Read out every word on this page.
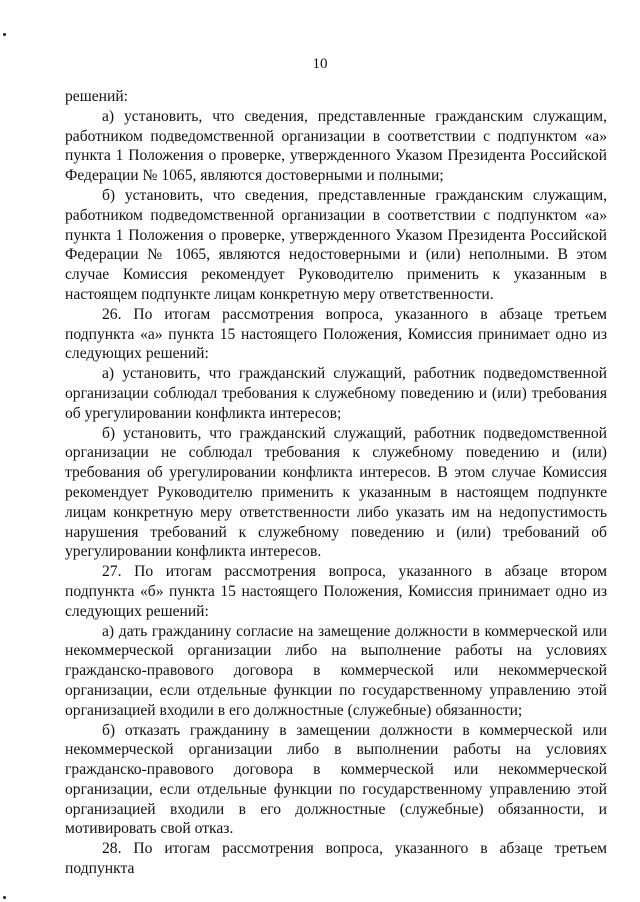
10

решений:

а) установить, что сведения, представленные гражданским служащим, работником подведомственной организации в соответствии с подпунктом «а» пункта 1 Положения о проверке, утвержденного Указом Президента Российской Федерации № 1065, являются достоверными и полными;

б) установить, что сведения, представленные гражданским служащим, работником подведомственной организации в соответствии с подпунктом «а» пункта 1 Положения о проверке, утвержденного Указом Президента Российской Федерации № 1065, являются недостоверными и (или) неполными. В этом случае Комиссия рекомендует Руководителю применить к указанным в настоящем подпункте лицам конкретную меру ответственности.

26. По итогам рассмотрения вопроса, указанного в абзаце третьем подпункта «а» пункта 15 настоящего Положения, Комиссия принимает одно из следующих решений:

а) установить, что гражданский служащий, работник подведомственной организации соблюдал требования к служебному поведению и (или) требования об урегулировании конфликта интересов;

б) установить, что гражданский служащий, работник подведомственной организации не соблюдал требования к служебному поведению и (или) требования об урегулировании конфликта интересов. В этом случае Комиссия рекомендует Руководителю применить к указанным в настоящем подпункте лицам конкретную меру ответственности либо указать им на недопустимость нарушения требований к служебному поведению и (или) требований об урегулировании конфликта интересов.

27. По итогам рассмотрения вопроса, указанного в абзаце втором подпункта «б» пункта 15 настоящего Положения, Комиссия принимает одно из следующих решений:

а) дать гражданину согласие на замещение должности в коммерческой или некоммерческой организации либо на выполнение работы на условиях гражданско-правового договора в коммерческой или некоммерческой организации, если отдельные функции по государственному управлению этой организацией входили в его должностные (служебные) обязанности;

б) отказать гражданину в замещении должности в коммерческой или некоммерческой организации либо в выполнении работы на условиях гражданско-правового договора в коммерческой или некоммерческой организации, если отдельные функции по государственному управлению этой организацией входили в его должностные (служебные) обязанности, и мотивировать свой отказ.

28. По итогам рассмотрения вопроса, указанного в абзаце третьем подпункта
